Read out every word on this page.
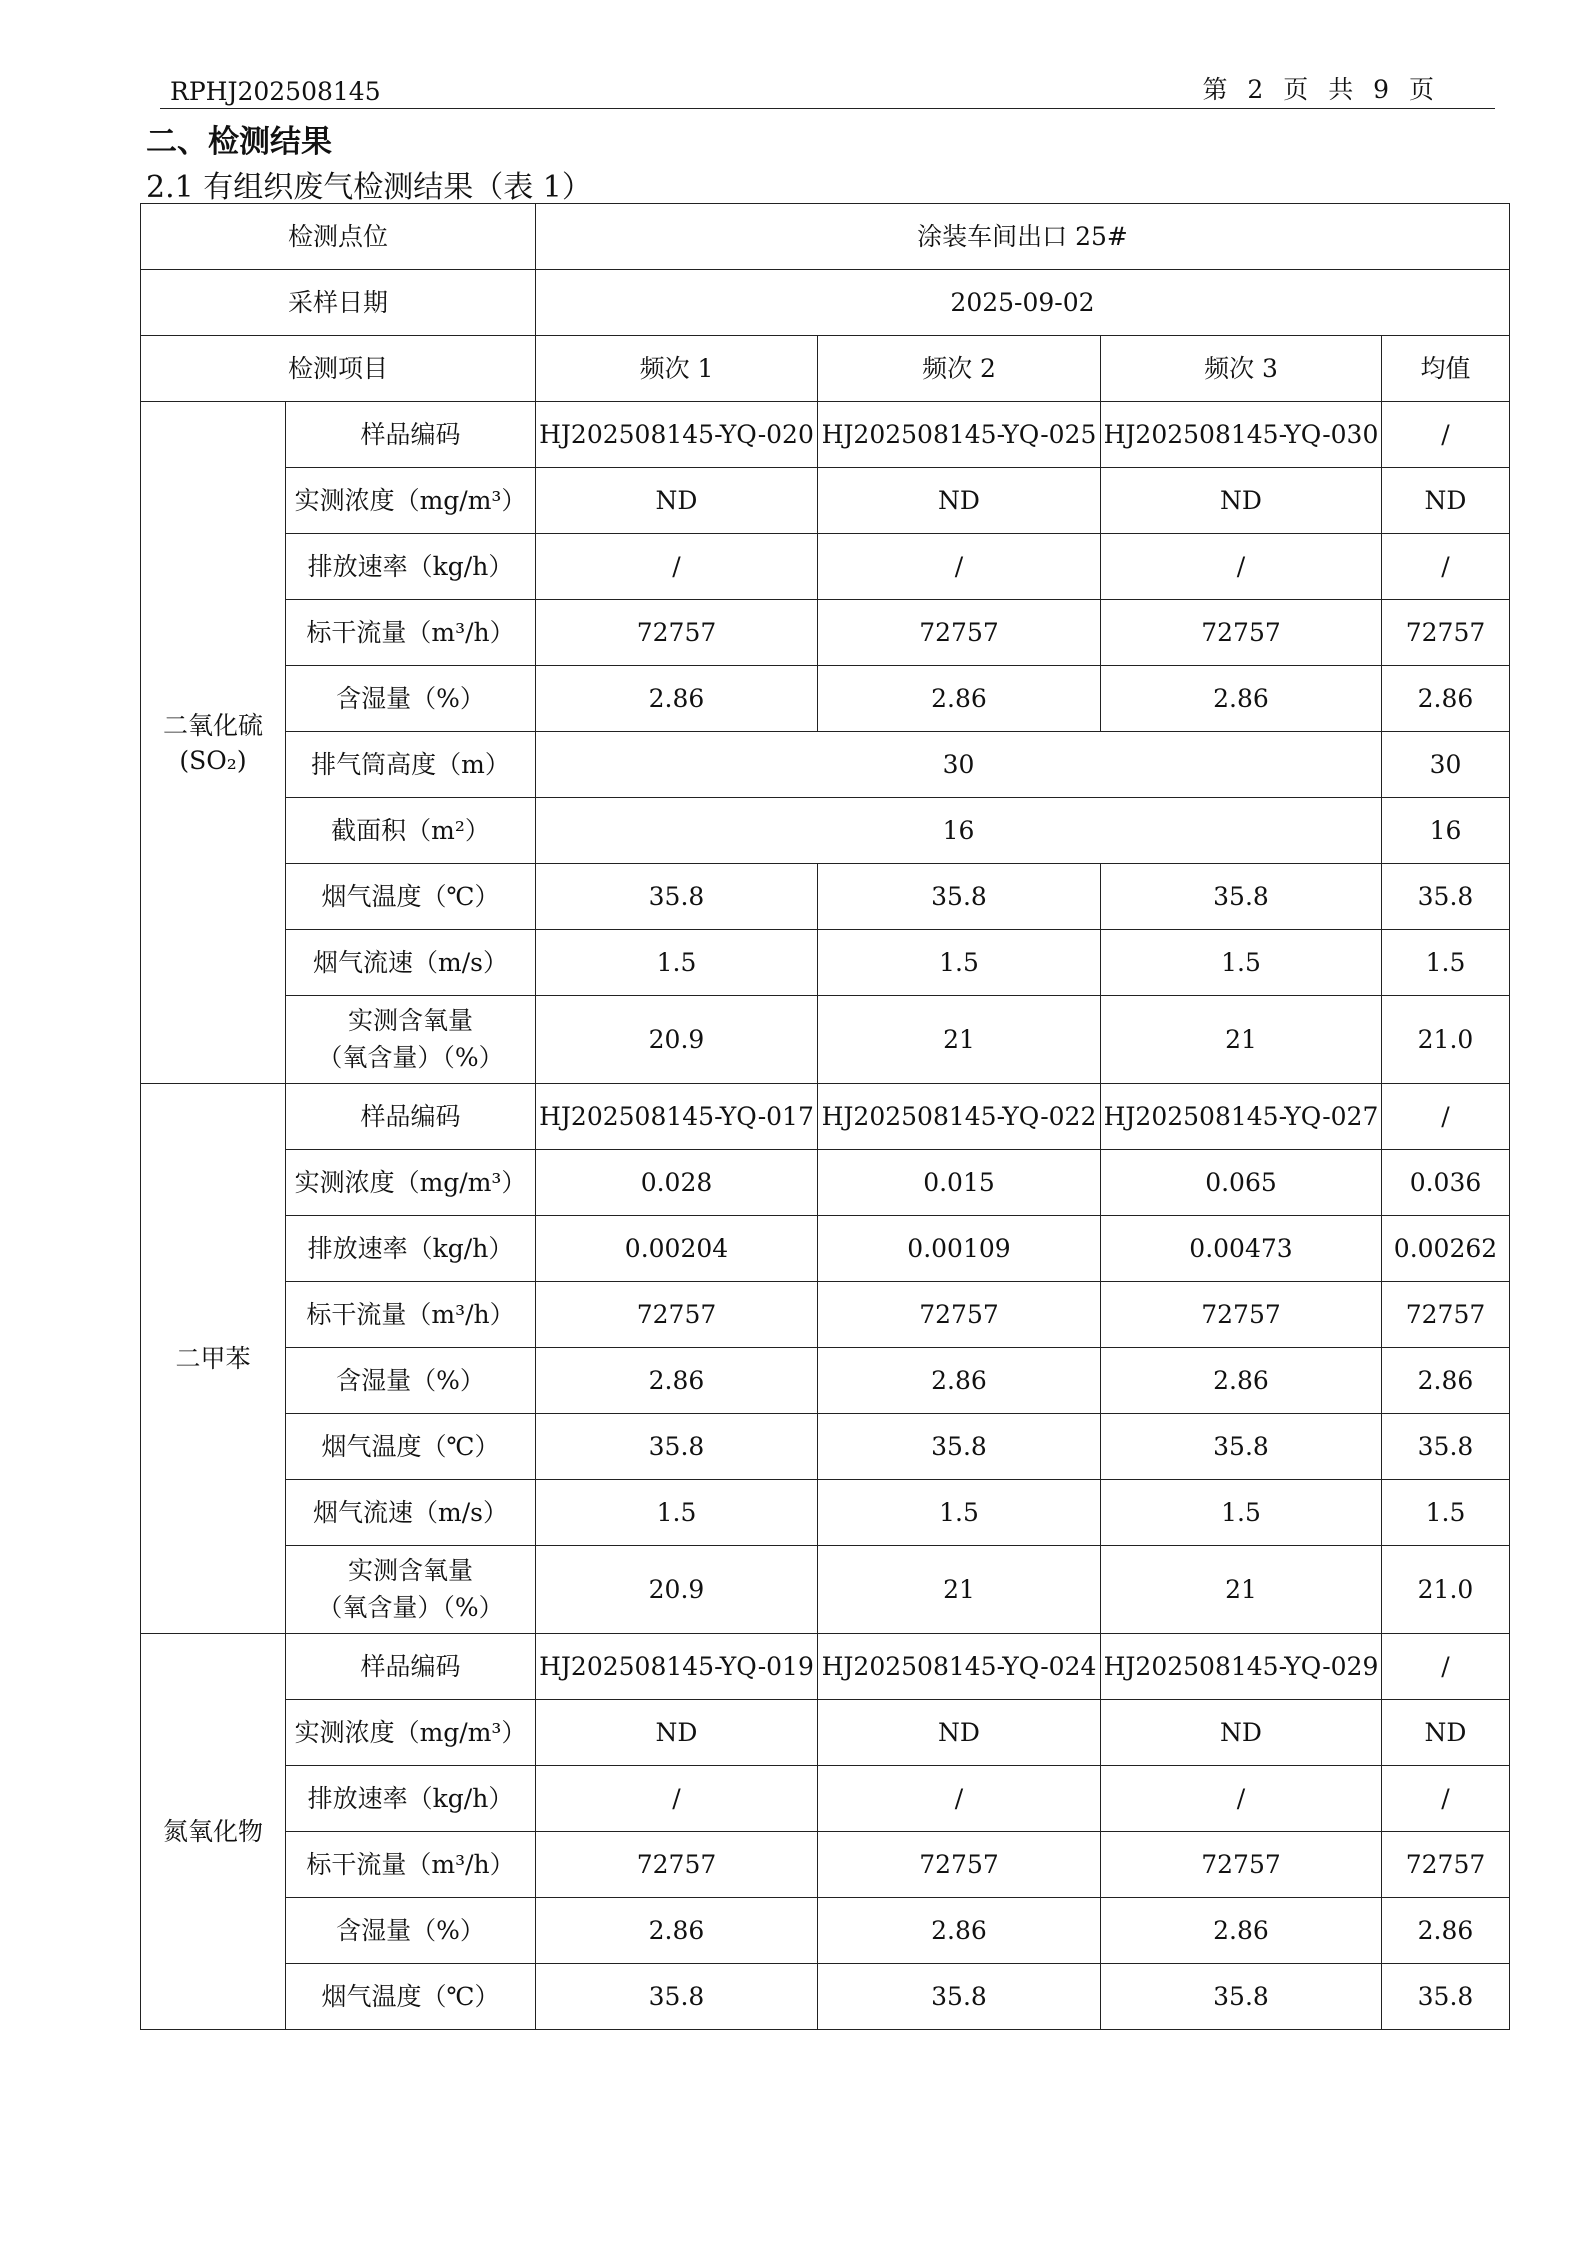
RPHJ202508145	第 2 页 共 9 页
二、检测结果
2.1 有组织废气检测结果（表 1）
检测点位		涂装车间出口 25#			
采样日期		2025-09-02			
检测项目		频次 1	频次 2	频次 3	均值
二氧化硫
(SO₂)	样品编码	HJ202508145-YQ-020	HJ202508145-YQ-025	HJ202508145-YQ-030	/
	实测浓度（mg/m³）	ND	ND	ND	ND
	排放速率（kg/h）	/	/	/	/
	标干流量（m³/h）	72757	72757	72757	72757
	含湿量（%）	2.86	2.86	2.86	2.86
	排气筒高度（m）	30			30
	截面积（m²）	16			16
	烟气温度（℃）	35.8	35.8	35.8	35.8
	烟气流速（m/s）	1.5	1.5	1.5	1.5
	实测含氧量
（氧含量）（%）	20.9	21	21	21.0
二甲苯	样品编码	HJ202508145-YQ-017	HJ202508145-YQ-022	HJ202508145-YQ-027	/
	实测浓度（mg/m³）	0.028	0.015	0.065	0.036
	排放速率（kg/h）	0.00204	0.00109	0.00473	0.00262
	标干流量（m³/h）	72757	72757	72757	72757
	含湿量（%）	2.86	2.86	2.86	2.86
	烟气温度（℃）	35.8	35.8	35.8	35.8
	烟气流速（m/s）	1.5	1.5	1.5	1.5
	实测含氧量
（氧含量）（%）	20.9	21	21	21.0
氮氧化物	样品编码	HJ202508145-YQ-019	HJ202508145-YQ-024	HJ202508145-YQ-029	/
	实测浓度（mg/m³）	ND	ND	ND	ND
	排放速率（kg/h）	/	/	/	/
	标干流量（m³/h）	72757	72757	72757	72757
	含湿量（%）	2.86	2.86	2.86	2.86
	烟气温度（℃）	35.8	35.8	35.8	35.8
